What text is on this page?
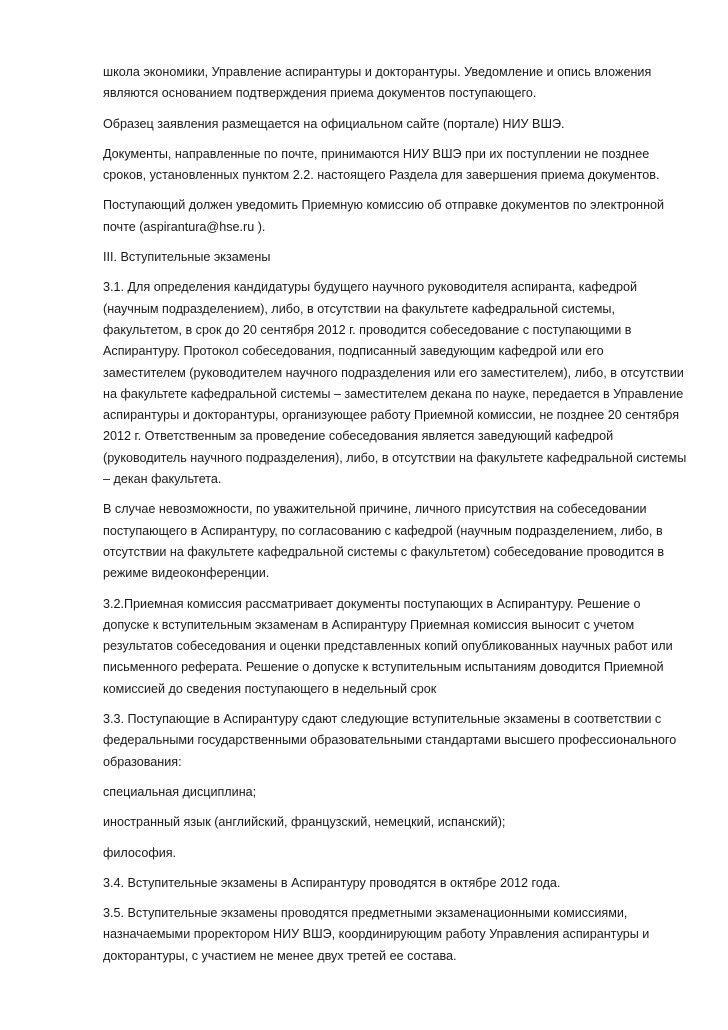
школа экономики, Управление аспирантуры и докторантуры. Уведомление и опись вложения
являются основанием подтверждения приема документов поступающего.

Образец заявления размещается на официальном сайте (портале) НИУ ВШЭ.

Документы, направленные по почте, принимаются НИУ ВШЭ при их поступлении не позднее
сроков, установленных пунктом 2.2. настоящего Раздела для завершения приема документов.

Поступающий должен уведомить Приемную комиссию об отправке документов по электронной
почте (aspirantura@hse.ru ).

III. Вступительные экзамены

3.1. Для определения кандидатуры будущего научного руководителя аспиранта, кафедрой
(научным подразделением), либо, в отсутствии на факультете кафедральной системы,
факультетом, в срок до 20 сентября 2012 г. проводится собеседование с поступающими в
Аспирантуру. Протокол собеседования, подписанный заведующим кафедрой или его
заместителем (руководителем научного подразделения или его заместителем), либо, в отсутствии
на факультете кафедральной системы – заместителем декана по науке, передается в Управление
аспирантуры и докторантуры, организующее работу Приемной комиссии, не позднее 20 сентября
2012 г. Ответственным за проведение собеседования является заведующий кафедрой
(руководитель научного подразделения), либо, в отсутствии на факультете кафедральной системы
– декан факультета.

В случае невозможности, по уважительной причине, личного присутствия на собеседовании
поступающего в Аспирантуру, по согласованию с кафедрой (научным подразделением, либо, в
отсутствии на факультете кафедральной системы с факультетом) собеседование проводится в
режиме видеоконференции.

3.2.Приемная комиссия рассматривает документы поступающих в Аспирантуру. Решение о
допуске к вступительным экзаменам в Аспирантуру Приемная комиссия выносит с учетом
результатов собеседования и оценки представленных копий опубликованных научных работ или
письменного реферата. Решение о допуске к вступительным испытаниям доводится Приемной
комиссией до сведения поступающего в недельный срок

3.3. Поступающие в Аспирантуру сдают следующие вступительные экзамены в соответствии с
федеральными государственными образовательными стандартами высшего профессионального
образования:

специальная дисциплина;

иностранный язык (английский, французский, немецкий, испанский);

философия.

3.4. Вступительные экзамены в Аспирантуру проводятся в октябре 2012 года.

3.5. Вступительные экзамены проводятся предметными экзаменационными комиссиями,
назначаемыми проректором НИУ ВШЭ, координирующим работу Управления аспирантуры и
докторантуры, с участием не менее двух третей ее состава.
